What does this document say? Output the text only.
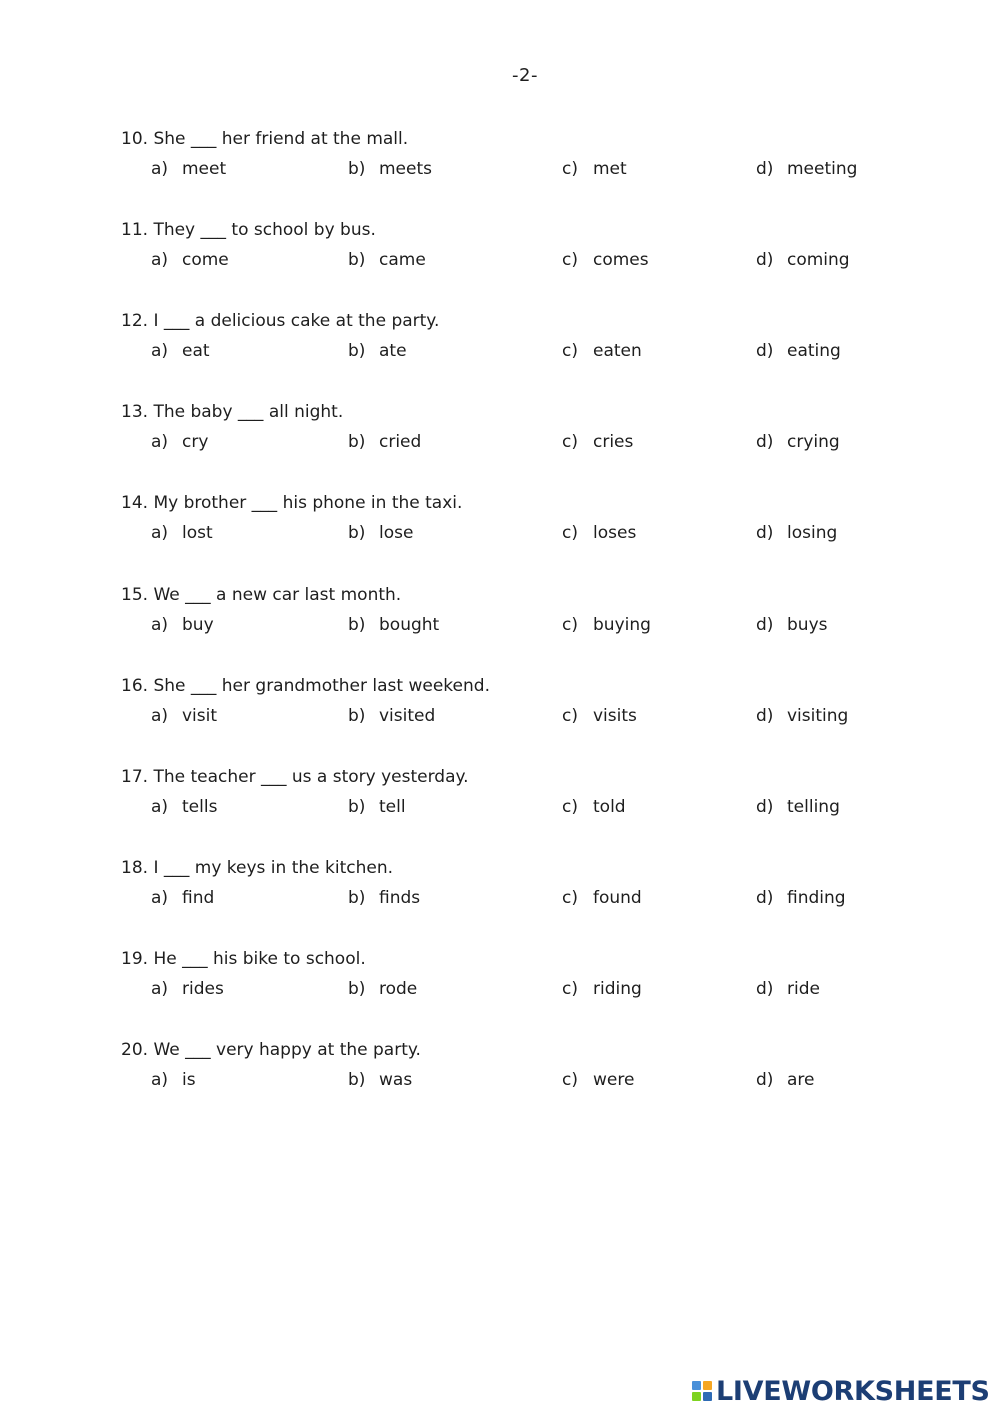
-2-
10. She ___ her friend at the mall.
a) meet	b) meets	c) met	d) meeting
11. They ___ to school by bus.
a) come	b) came	c) comes	d) coming
12. I ___ a delicious cake at the party.
a) eat	b) ate	c) eaten	d) eating
13. The baby ___ all night.
a) cry	b) cried	c) cries	d) crying
14. My brother ___ his phone in the taxi.
a) lost	b) lose	c) loses	d) losing
15. We ___ a new car last month.
a) buy	b) bought	c) buying	d) buys
16. She ___ her grandmother last weekend.
a) visit	b) visited	c) visits	d) visiting
17. The teacher ___ us a story yesterday.
a) tells	b) tell	c) told	d) telling
18. I ___ my keys in the kitchen.
a) find	b) finds	c) found	d) finding
19. He ___ his bike to school.
a) rides	b) rode	c) riding	d) ride
20. We ___ very happy at the party.
a) is	b) was	c) were	d) are
LIVEWORKSHEETS
